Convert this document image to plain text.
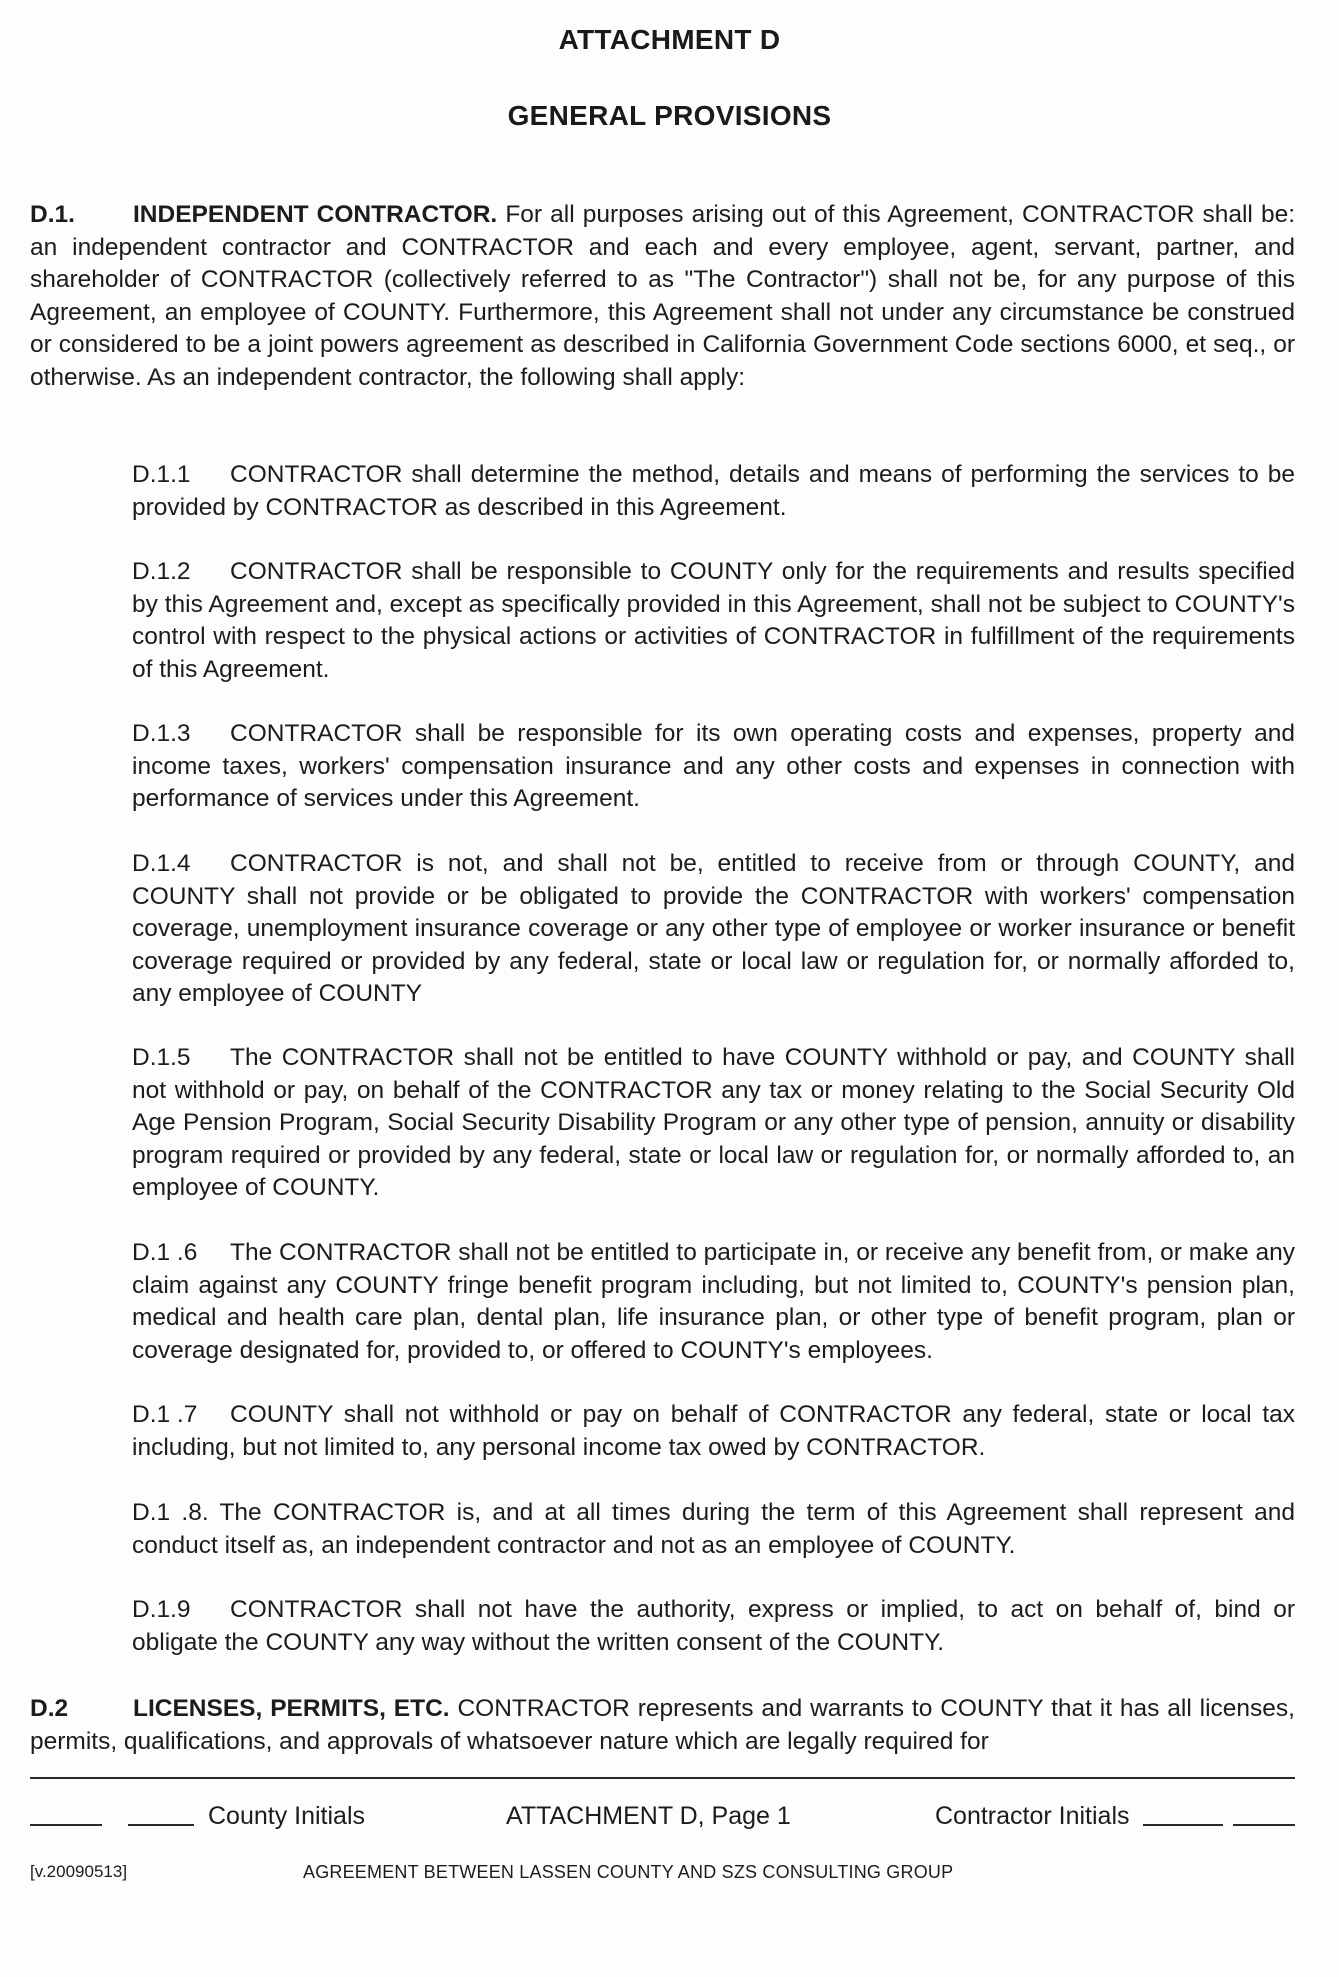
ATTACHMENT D
GENERAL PROVISIONS
D.1. INDEPENDENT CONTRACTOR. For all purposes arising out of this Agreement, CONTRACTOR shall be: an independent contractor and CONTRACTOR and each and every employee, agent, servant, partner, and shareholder of CONTRACTOR (collectively referred to as "The Contractor") shall not be, for any purpose of this Agreement, an employee of COUNTY. Furthermore, this Agreement shall not under any circumstance be construed or considered to be a joint powers agreement as described in California Government Code sections 6000, et seq., or otherwise. As an independent contractor, the following shall apply:
D.1.1 CONTRACTOR shall determine the method, details and means of performing the services to be provided by CONTRACTOR as described in this Agreement.
D.1.2 CONTRACTOR shall be responsible to COUNTY only for the requirements and results specified by this Agreement and, except as specifically provided in this Agreement, shall not be subject to COUNTY's control with respect to the physical actions or activities of CONTRACTOR in fulfillment of the requirements of this Agreement.
D.1.3 CONTRACTOR shall be responsible for its own operating costs and expenses, property and income taxes, workers' compensation insurance and any other costs and expenses in connection with performance of services under this Agreement.
D.1.4 CONTRACTOR is not, and shall not be, entitled to receive from or through COUNTY, and COUNTY shall not provide or be obligated to provide the CONTRACTOR with workers' compensation coverage, unemployment insurance coverage or any other type of employee or worker insurance or benefit coverage required or provided by any federal, state or local law or regulation for, or normally afforded to, any employee of COUNTY
D.1.5 The CONTRACTOR shall not be entitled to have COUNTY withhold or pay, and COUNTY shall not withhold or pay, on behalf of the CONTRACTOR any tax or money relating to the Social Security Old Age Pension Program, Social Security Disability Program or any other type of pension, annuity or disability program required or provided by any federal, state or local law or regulation for, or normally afforded to, an employee of COUNTY.
D.1 .6 The CONTRACTOR shall not be entitled to participate in, or receive any benefit from, or make any claim against any COUNTY fringe benefit program including, but not limited to, COUNTY's pension plan, medical and health care plan, dental plan, life insurance plan, or other type of benefit program, plan or coverage designated for, provided to, or offered to COUNTY's employees.
D.1 .7 COUNTY shall not withhold or pay on behalf of CONTRACTOR any federal, state or local tax including, but not limited to, any personal income tax owed by CONTRACTOR.
D.1 .8. The CONTRACTOR is, and at all times during the term of this Agreement shall represent and conduct itself as, an independent contractor and not as an employee of COUNTY.
D.1.9 CONTRACTOR shall not have the authority, express or implied, to act on behalf of, bind or obligate the COUNTY any way without the written consent of the COUNTY.
D.2	LICENSES, PERMITS, ETC. CONTRACTOR represents and warrants to COUNTY that it has all licenses, permits, qualifications, and approvals of whatsoever nature which are legally required for
County Initials	ATTACHMENT D, Page 1	Contractor Initials
[v.20090513]	AGREEMENT BETWEEN LASSEN COUNTY AND SZS CONSULTING GROUP
